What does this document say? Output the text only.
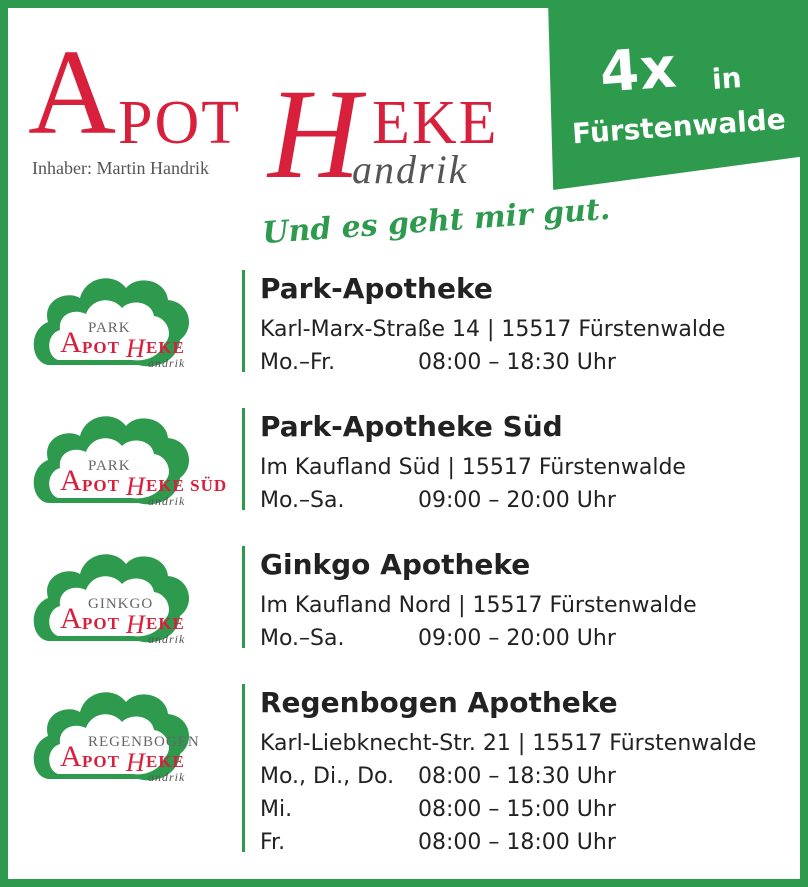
4x in
Fürstenwalde
A POT H EKE
andrik
Inhaber: Martin Handrik
Und es geht mir gut.
PARK
A POT H EKE
andrik
Park-Apotheke
Karl-Marx-Straße 14 | 15517 Fürstenwalde
Mo.–Fr.	08:00 – 18:30 Uhr
PARK
A POT H EKE SÜD
andrik
Park-Apotheke Süd
Im Kaufland Süd | 15517 Fürstenwalde
Mo.–Sa.	09:00 – 20:00 Uhr
GINKGO
A POT H EKE
andrik
Ginkgo Apotheke
Im Kaufland Nord | 15517 Fürstenwalde
Mo.–Sa.	09:00 – 20:00 Uhr
REGENBOGEN
A POT H EKE
andrik
Regenbogen Apotheke
Karl-Liebknecht-Str. 21 | 15517 Fürstenwalde
Mo., Di., Do. 08:00 – 18:30 Uhr
Mi.	08:00 – 15:00 Uhr
Fr.	08:00 – 18:00 Uhr
